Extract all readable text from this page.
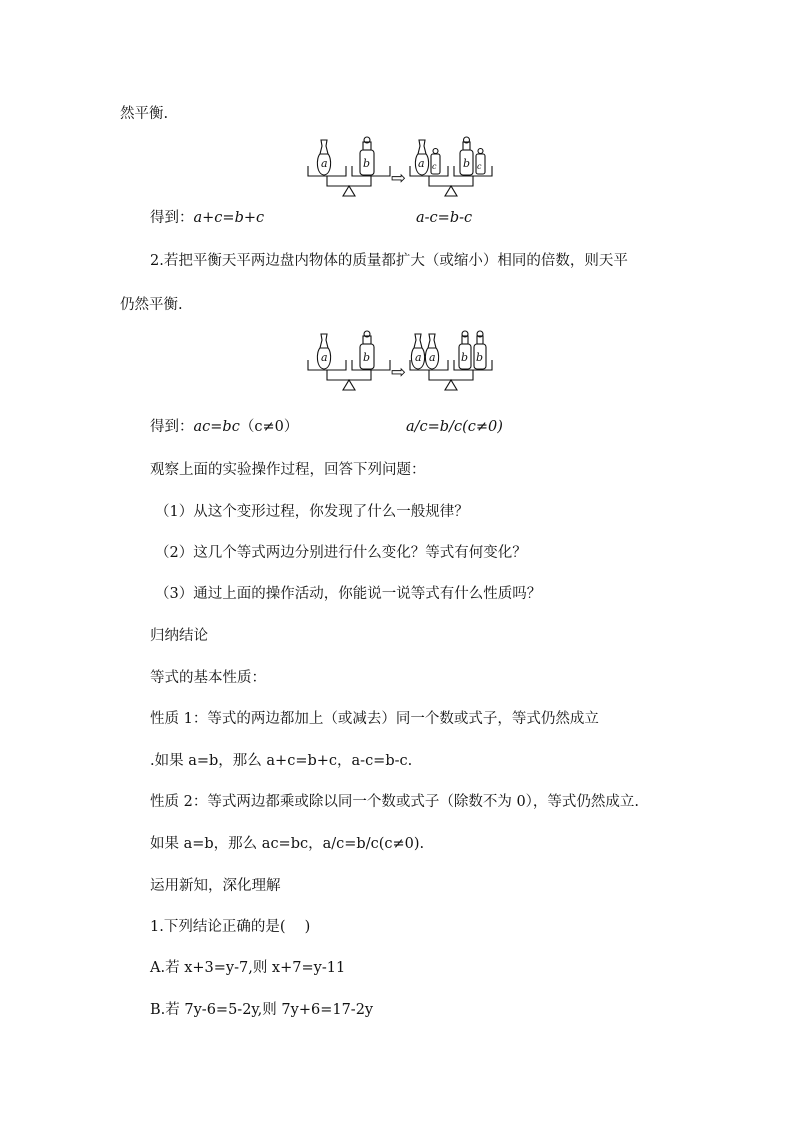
然平衡.
a	b	a c b c
⇨
得到：a+c=b+c	a-c=b-c
2.若把平衡天平两边盘内物体的质量都扩大（或缩小）相同的倍数，则天平
仍然平衡.
a	b	a a b b
⇨
得到：ac=bc（c≠0）	a/c=b/c(c≠0)
观察上面的实验操作过程，回答下列问题：
（1）从这个变形过程，你发现了什么一般规律？
（2）这几个等式两边分别进行什么变化？等式有何变化？
（3）通过上面的操作活动，你能说一说等式有什么性质吗？
归纳结论
等式的基本性质：
性质 1：等式的两边都加上（或减去）同一个数或式子，等式仍然成立
.如果 a=b，那么 a+c=b+c，a-c=b-c.
性质 2：等式两边都乘或除以同一个数或式子（除数不为 0），等式仍然成立.
如果 a=b，那么 ac=bc，a/c=b/c(c≠0).
运用新知，深化理解
1.下列结论正确的是(　 )
A.若 x+3=y-7,则 x+7=y-11
B.若 7y-6=5-2y,则 7y+6=17-2y
